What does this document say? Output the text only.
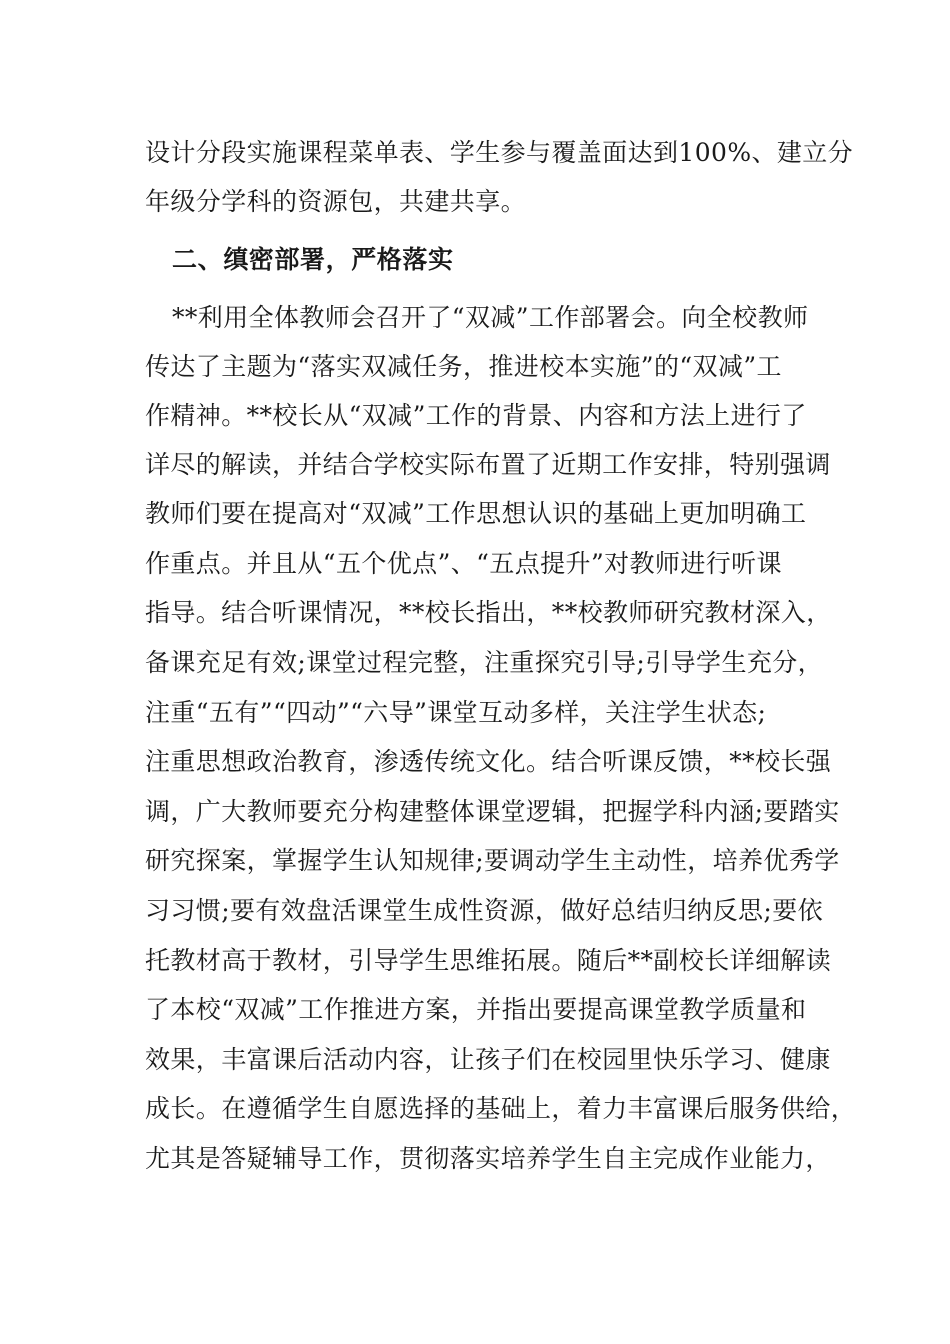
设计分段实施课程菜单表、学生参与覆盖面达到100%、建立分
年级分学科的资源包，共建共享。
二、缜密部署，严格落实
**利用全体教师会召开了“双减”工作部署会。向全校教师
传达了主题为“落实双减任务，推进校本实施”的“双减”工
作精神。**校长从“双减”工作的背景、内容和方法上进行了
详尽的解读，并结合学校实际布置了近期工作安排，特别强调
教师们要在提高对“双减”工作思想认识的基础上更加明确工
作重点。并且从“五个优点”、“五点提升”对教师进行听课
指导。结合听课情况，**校长指出，**校教师研究教材深入，
备课充足有效;课堂过程完整，注重探究引导;引导学生充分，
注重“五有”“四动”“六导”课堂互动多样，关注学生状态;
注重思想政治教育，渗透传统文化。结合听课反馈，**校长强
调，广大教师要充分构建整体课堂逻辑，把握学科内涵;要踏实
研究探案，掌握学生认知规律;要调动学生主动性，培养优秀学
习习惯;要有效盘活课堂生成性资源，做好总结归纳反思;要依
托教材高于教材，引导学生思维拓展。随后**副校长详细解读
了本校“双减”工作推进方案，并指出要提高课堂教学质量和
效果，丰富课后活动内容，让孩子们在校园里快乐学习、健康
成长。在遵循学生自愿选择的基础上，着力丰富课后服务供给，
尤其是答疑辅导工作，贯彻落实培养学生自主完成作业能力，
